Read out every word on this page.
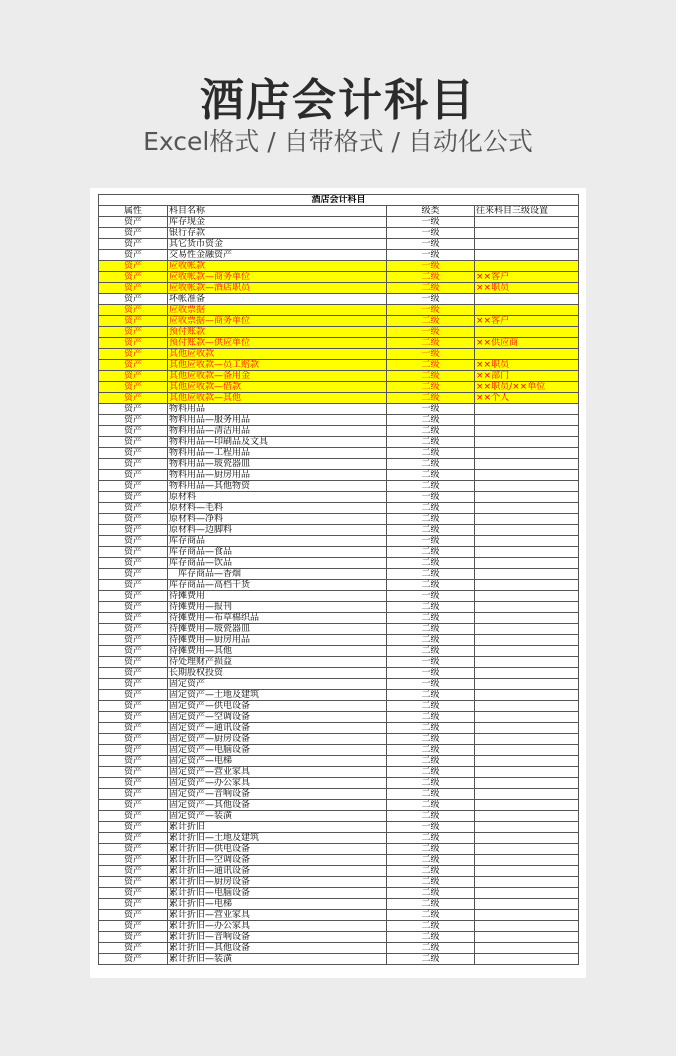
酒店会计科目
Excel格式 / 自带格式 / 自动化公式
酒店会计科目			
属性	科目名称	级类	往来科目三级设置
资产	库存现金	一级	
资产	银行存款	一级	
资产	其它货币资金	一级	
资产	交易性金融资产	一级	
资产	应收帐款	一级	
资产	应收帐款—商务单位	二级	××客户
资产	应收帐款—酒店职员	二级	××职员
资产	坏帐准备	一级	
资产	应收票据	一级	
资产	应收票据—商务单位	二级	××客户
资产	预付账款	一级	
资产	预付账款—供应单位	二级	××供应商
资产	其他应收款	一级	
资产	其他应收款—员工赔款	二级	××职员
资产	其他应收款—备用金	二级	××部门
资产	其他应收款—借款	二级	××职员/××单位
资产	其他应收款—其他	二级	××个人
资产	物料用品	一级	
资产	物料用品—服务用品	二级	
资产	物料用品—清洁用品	二级	
资产	物料用品—印刷品及文具	二级	
资产	物料用品—工程用品	二级	
资产	物料用品—玻瓷器皿	二级	
资产	物料用品—厨房用品	二级	
资产	物料用品—其他物资	二级	
资产	原材料	一级	
资产	原材料—毛料	二级	
资产	原材料—净料	二级	
资产	原材料—边脚料	二级	
资产	库存商品	一级	
资产	库存商品—食品	二级	
资产	库存商品—饮品	二级	
资产	　库存商品—香烟	二级	
资产	库存商品—高档干货	二级	
资产	待摊费用	一级	
资产	待摊费用—报刊	二级	
资产	待摊费用—布草棉织品	二级	
资产	待摊费用—玻瓷器皿	二级	
资产	待摊费用—厨房用品	二级	
资产	待摊费用—其他	二级	
资产	待处理财产损益	一级	
资产	长期股权投资	一级	
资产	固定资产	一级	
资产	固定资产—土地及建筑	二级	
资产	固定资产—供电设备	二级	
资产	固定资产—空调设备	二级	
资产	固定资产—通讯设备	二级	
资产	固定资产—厨房设备	二级	
资产	固定资产—电脑设备	二级	
资产	固定资产—电梯	二级	
资产	固定资产—营业家具	二级	
资产	固定资产—办公家具	二级	
资产	固定资产—音响设备	二级	
资产	固定资产—其他设备	二级	
资产	固定资产—装潢	二级	
资产	累计折旧	一级	
资产	累计折旧—土地及建筑	二级	
资产	累计折旧—供电设备	二级	
资产	累计折旧—空调设备	二级	
资产	累计折旧—通讯设备	二级	
资产	累计折旧—厨房设备	二级	
资产	累计折旧—电脑设备	二级	
资产	累计折旧—电梯	二级	
资产	累计折旧—营业家具	二级	
资产	累计折旧—办公家具	二级	
资产	累计折旧—音响设备	二级	
资产	累计折旧—其他设备	二级	
资产	累计折旧—装潢	二级	
